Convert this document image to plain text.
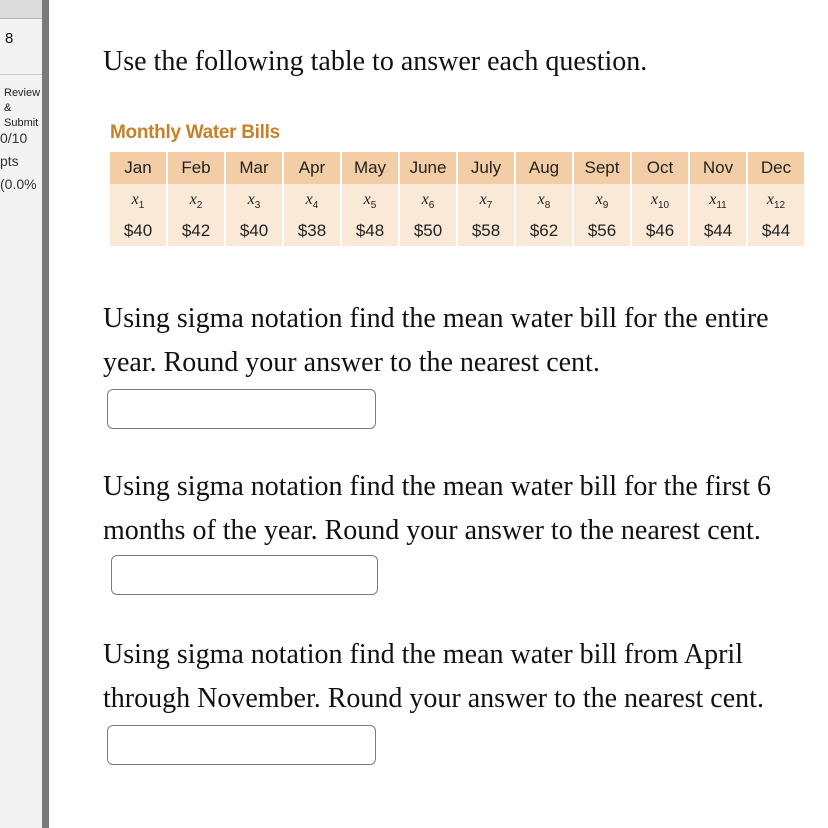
8
Review & Submit
0/10
pts
(0.0%
Use the following table to answer each question.
Monthly Water Bills
Jan	Feb	Mar	Apr	May	June	July	Aug	Sept	Oct	Nov	Dec
$x_1$	$x_2$	$x_3$	$x_4$	$x_5$	$x_6$	$x_7$	$x_8$	$x_9$	$x_{10}$	$x_{11}$	$x_{12}$
$40	$42	$40	$38	$48	$50	$58	$62	$56	$46	$44	$44
Using sigma notation find the mean water bill for the entire year. Round your answer to the nearest cent.
Using sigma notation find the mean water bill for the first 6 months of the year. Round your answer to the nearest cent.
Using sigma notation find the mean water bill from April through November. Round your answer to the nearest cent.
